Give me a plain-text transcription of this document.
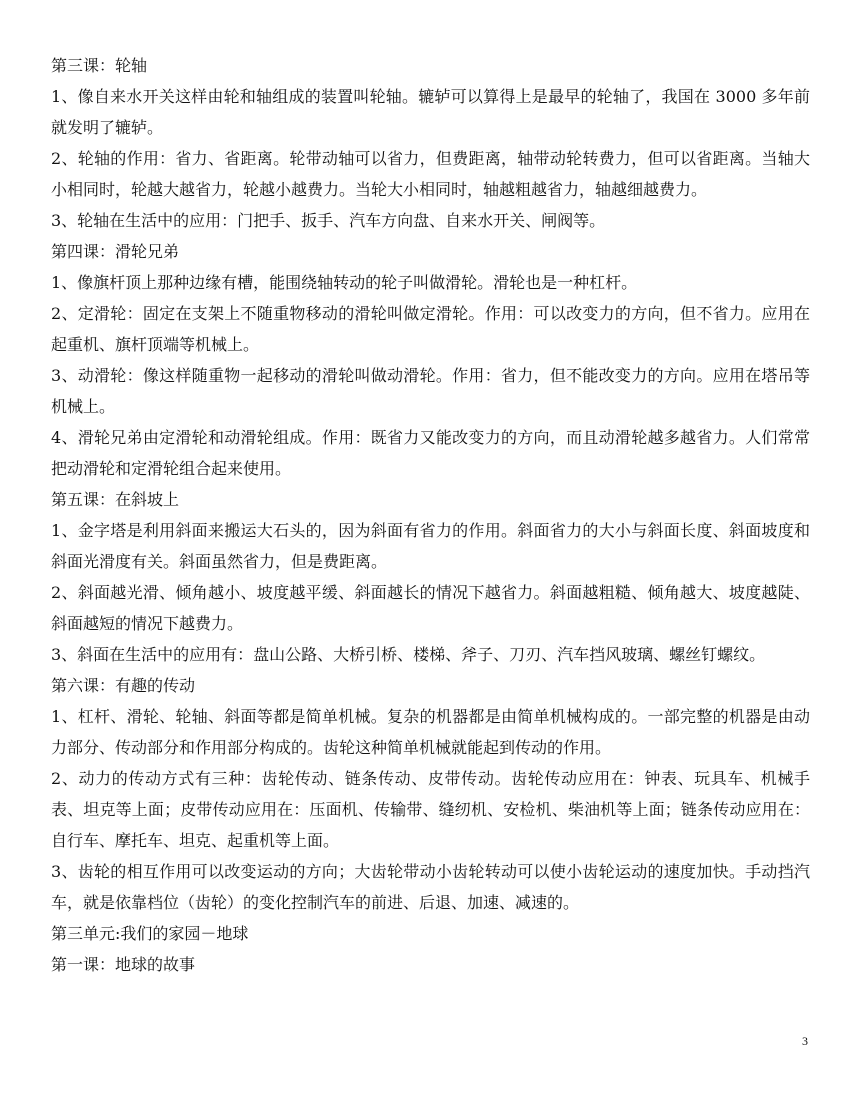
第三课：轮轴

1、像自来水开关这样由轮和轴组成的装置叫轮轴。辘轳可以算得上是最早的轮轴了，我国在 3000 多年前就发明了辘轳。

2、轮轴的作用：省力、省距离。轮带动轴可以省力，但费距离，轴带动轮转费力，但可以省距离。当轴大小相同时，轮越大越省力，轮越小越费力。当轮大小相同时，轴越粗越省力，轴越细越费力。

3、轮轴在生活中的应用：门把手、扳手、汽车方向盘、自来水开关、闸阀等。

第四课：滑轮兄弟

1、像旗杆顶上那种边缘有槽，能围绕轴转动的轮子叫做滑轮。滑轮也是一种杠杆。

2、定滑轮：固定在支架上不随重物移动的滑轮叫做定滑轮。作用：可以改变力的方向，但不省力。应用在起重机、旗杆顶端等机械上。

3、动滑轮：像这样随重物一起移动的滑轮叫做动滑轮。作用：省力，但不能改变力的方向。应用在塔吊等机械上。

4、滑轮兄弟由定滑轮和动滑轮组成。作用：既省力又能改变力的方向，而且动滑轮越多越省力。人们常常把动滑轮和定滑轮组合起来使用。

第五课：在斜坡上

1、金字塔是利用斜面来搬运大石头的，因为斜面有省力的作用。斜面省力的大小与斜面长度、斜面坡度和斜面光滑度有关。斜面虽然省力，但是费距离。

2、斜面越光滑、倾角越小、坡度越平缓、斜面越长的情况下越省力。斜面越粗糙、倾角越大、坡度越陡、斜面越短的情况下越费力。

3、斜面在生活中的应用有：盘山公路、大桥引桥、楼梯、斧子、刀刃、汽车挡风玻璃、螺丝钉螺纹。

第六课：有趣的传动

1、杠杆、滑轮、轮轴、斜面等都是简单机械。复杂的机器都是由简单机械构成的。一部完整的机器是由动力部分、传动部分和作用部分构成的。齿轮这种简单机械就能起到传动的作用。

2、动力的传动方式有三种：齿轮传动、链条传动、皮带传动。齿轮传动应用在：钟表、玩具车、机械手表、坦克等上面；皮带传动应用在：压面机、传输带、缝纫机、安检机、柴油机等上面；链条传动应用在：自行车、摩托车、坦克、起重机等上面。

3、齿轮的相互作用可以改变运动的方向；大齿轮带动小齿轮转动可以使小齿轮运动的速度加快。手动挡汽车，就是依靠档位（齿轮）的变化控制汽车的前进、后退、加速、减速的。

第三单元:我们的家园－地球

第一课：地球的故事

3
